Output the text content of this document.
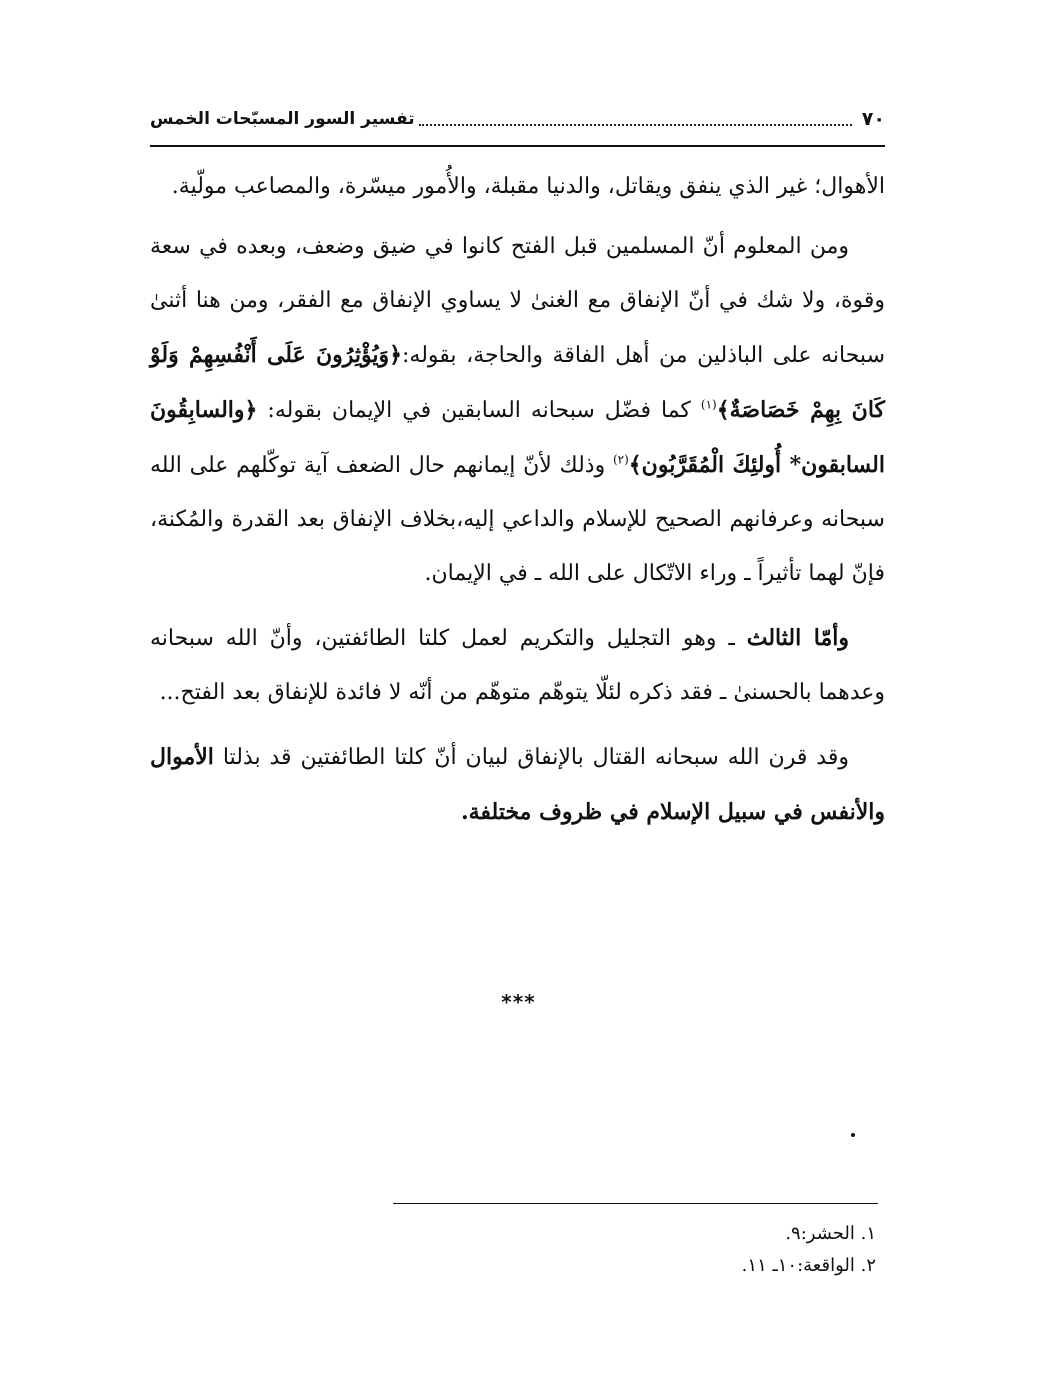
٧٠
تفسير السور المسبّحات الخمس

الأهوال؛ غير الذي ينفق ويقاتل، والدنيا مقبلة، والأُمور ميسّرة، والمصاعب مولّية.

ومن المعلوم أنّ المسلمين قبل الفتح كانوا في ضيق وضعف، وبعده في سعة وقوة، ولا شك في أنّ الإنفاق مع الغنىٰ لا يساوي الإنفاق مع الفقر، ومن هنا أثنىٰ سبحانه على الباذلين من أهل الفاقة والحاجة، بقوله:﴿وَيُؤْثِرُونَ عَلَى أَنْفُسِهِمْ وَلَوْ كَانَ بِهِمْ خَصَاصَةٌ﴾$^{(١)}$ كما فضّل سبحانه السابقين في الإيمان بقوله: ﴿والسابِقُونَ السابقون* أُولئِكَ الْمُقَرَّبُون﴾$^{(٢)}$ وذلك لأنّ إيمانهم حال الضعف آية توكّلهم على الله سبحانه وعرفانهم الصحيح للإسلام والداعي إليه،بخلاف الإنفاق بعد القدرة والمُكنة، فإنّ لهما تأثيراً ـ وراء الاتّكال على الله ـ في الإيمان.

وأمّا الثالث ـ وهو التجليل والتكريم لعمل كلتا الطائفتين، وأنّ الله سبحانه وعدهما بالحسنىٰ ـ فقد ذكره لئلّا يتوهّم متوهّم من أنّه لا فائدة للإنفاق بعد الفتح...

وقد قرن الله سبحانه القتال بالإنفاق لبيان أنّ كلتا الطائفتين قد بذلتا الأموال والأنفس في سبيل الإسلام في ظروف مختلفة.

***
١. الحشر:٩.
٢. الواقعة:١٠ـ ١١.
